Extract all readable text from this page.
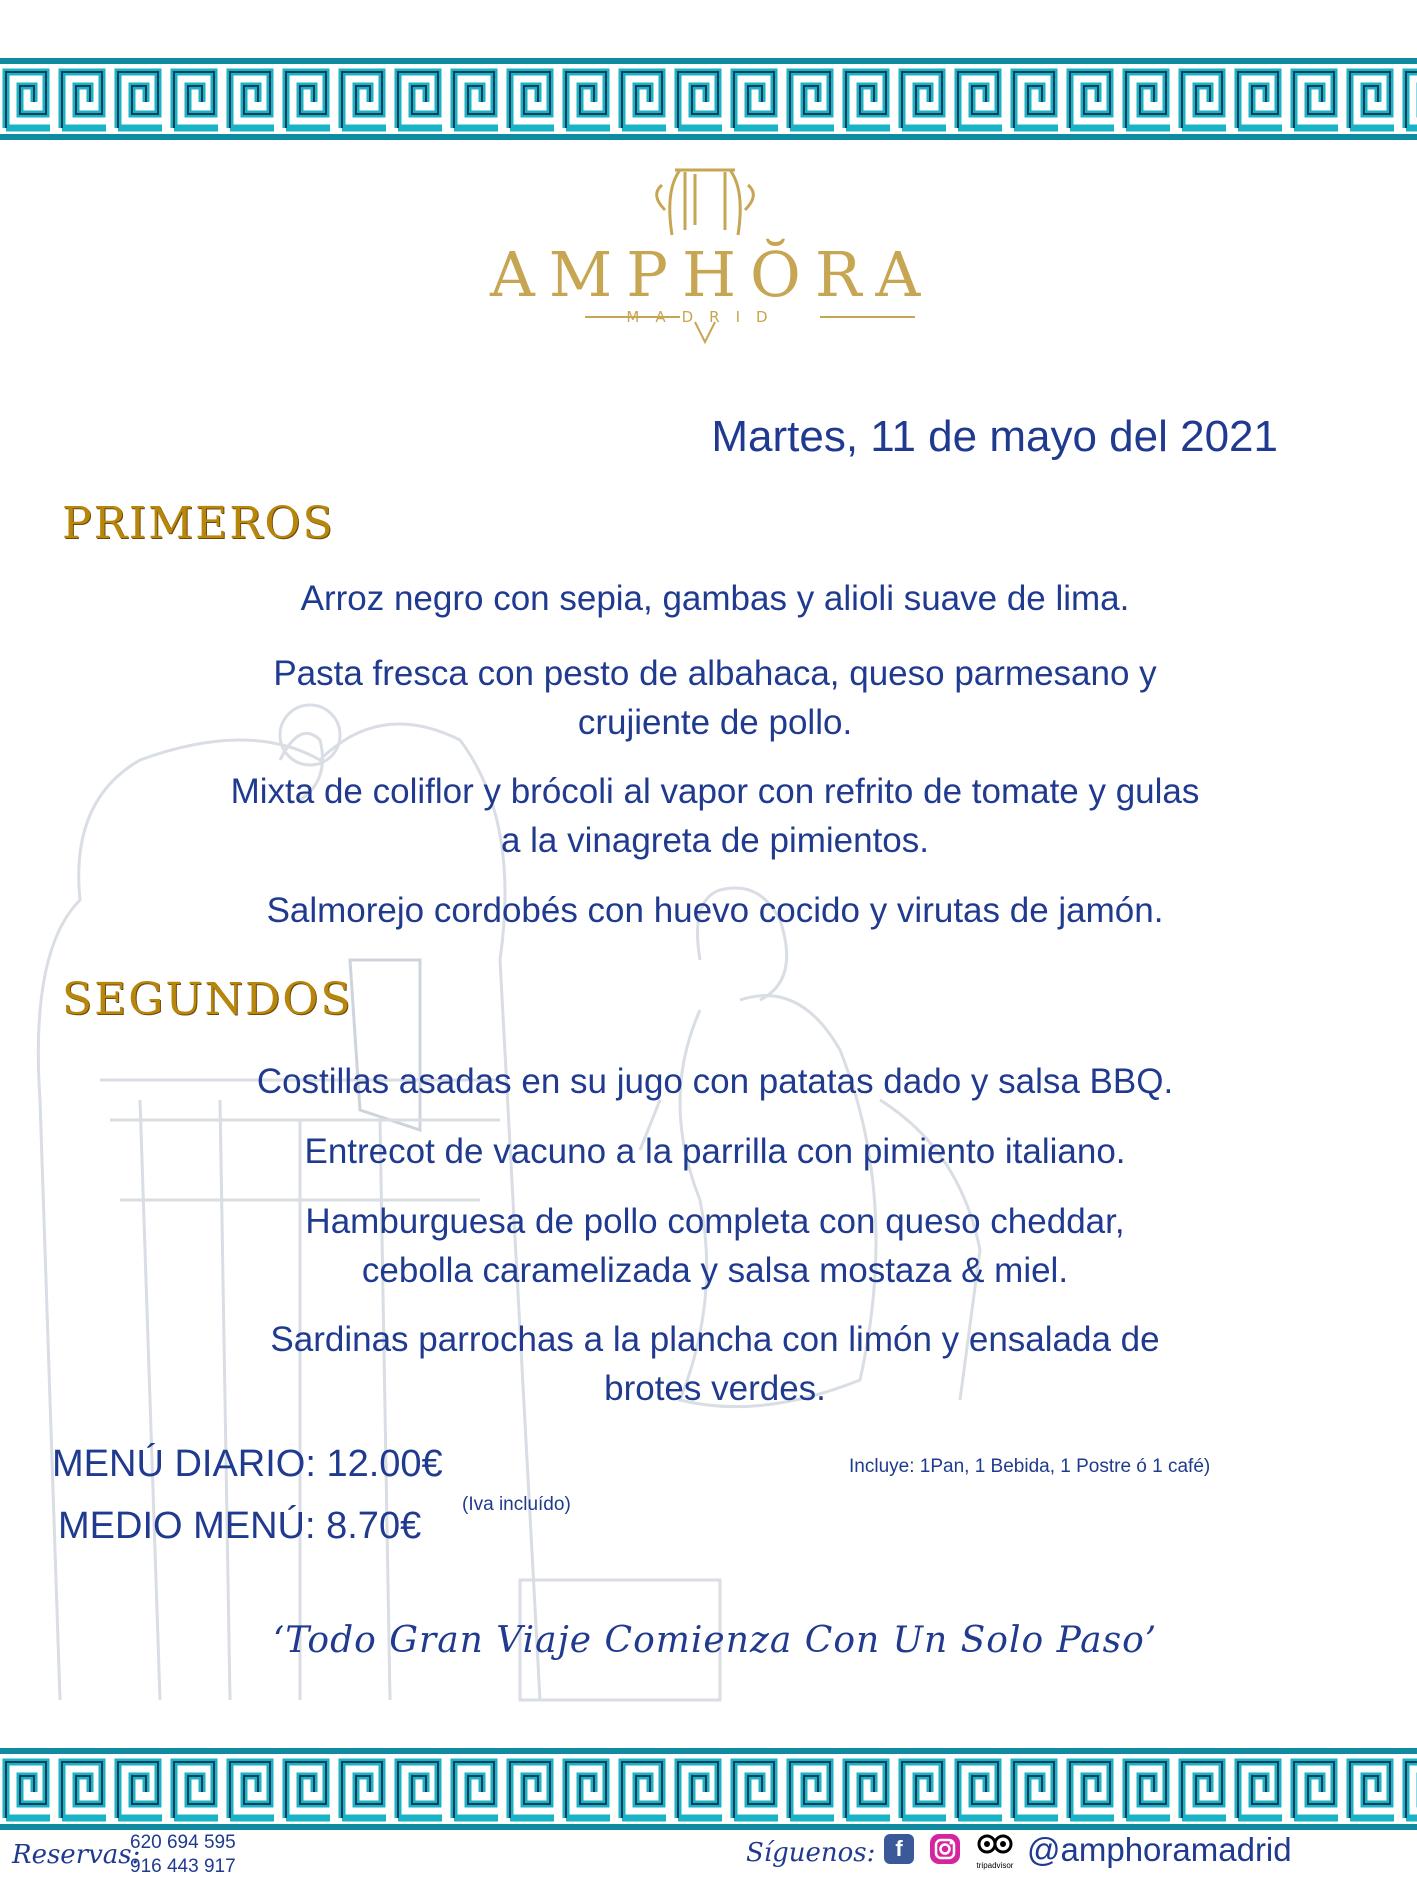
AMPHŎRA
MADRID
Martes, 11 de mayo del 2021
PRIMEROS
Arroz negro con sepia, gambas y alioli suave de lima.
Pasta fresca con pesto de albahaca, queso parmesano y
crujiente de pollo.
Mixta de coliflor y brócoli al vapor con refrito de tomate y gulas
a la vinagreta de pimientos.
Salmorejo cordobés con huevo cocido y virutas de jamón.
SEGUNDOS
Costillas asadas en su jugo con patatas dado y salsa BBQ.
Entrecot de vacuno a la parrilla con pimiento italiano.
Hamburguesa de pollo completa con queso cheddar,
cebolla caramelizada y salsa mostaza & miel.
Sardinas parrochas a la plancha con limón y ensalada de
brotes verdes.
MENÚ DIARIO: 12.00€
MEDIO MENÚ: 8.70€
(Iva incluído)
Incluye: 1Pan, 1 Bebida, 1 Postre ó 1 café)
‘Todo Gran Viaje Comienza Con Un Solo Paso’
Reservas:
620 694 595
916 443 917	Síguenos: f
tripadvisor @amphoramadrid
